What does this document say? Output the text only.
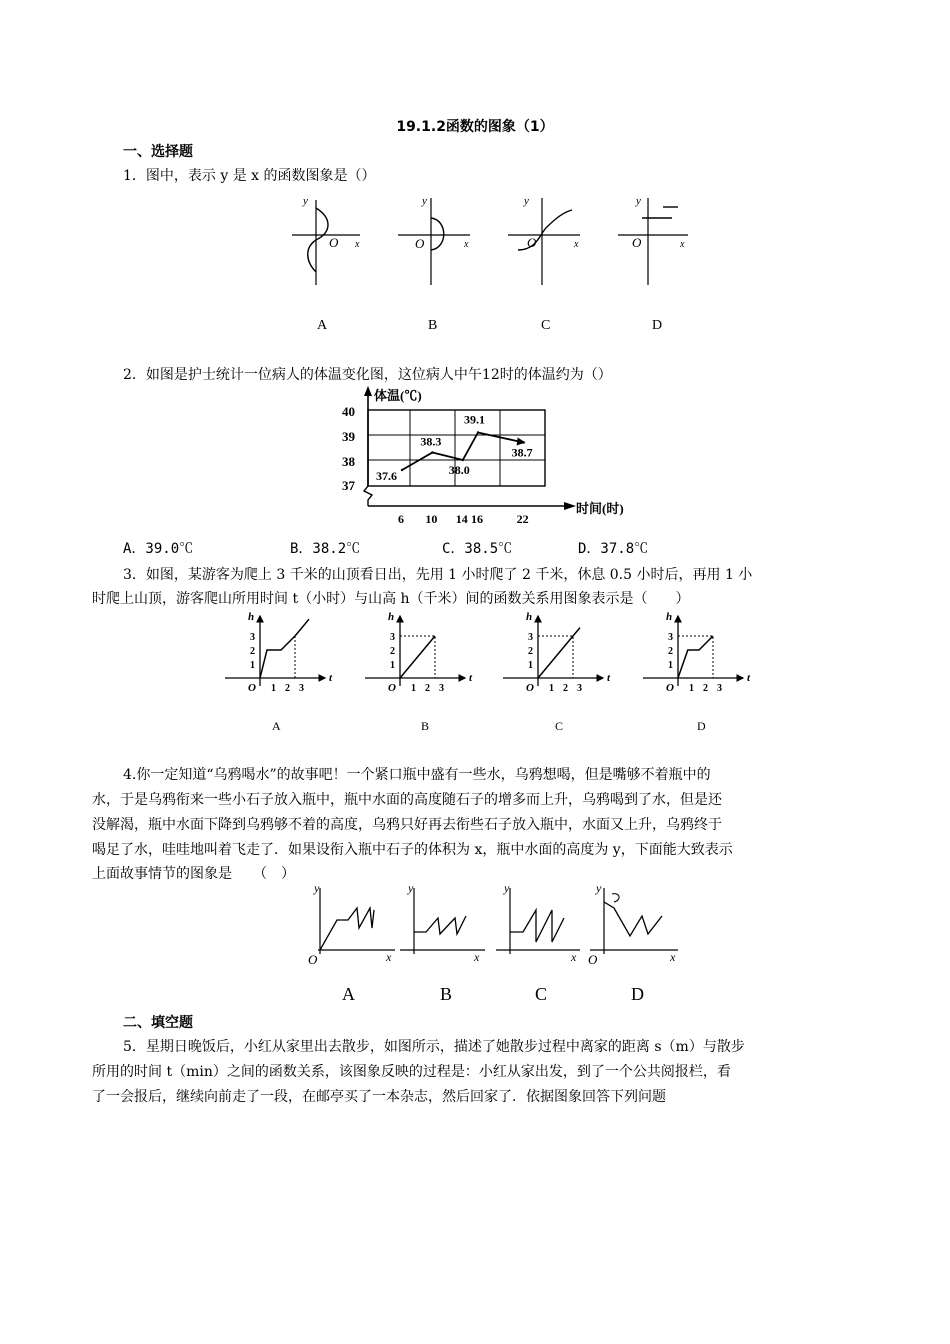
19.1.2函数的图象（1）
一、选择题
1．图中，表示 y 是 x 的函数图象是（）
y
O x
y
O	x
y
O	x
y
O	x
A	B	C	D
2．如图是护士统计一位病人的体温变化图，这位病人中午12时的体温约为（）
体温(℃)
时间(时)
40
39
38
37
6 10 14 16	22
37.6
38.3
38.0
39.1
38.7
A．39.0℃	B．38.2℃	C．38.5℃	D．37.8℃
3．如图，某游客为爬上 3 千米的山顶看日出，先用 1 小时爬了 2 千米，休息 0.5 小时后，再用 1 小
时爬上山顶，游客爬山所用时间 t（小时）与山高 h（千米）间的函数关系用图象表示是（　　）
h
t
O
3
2
1
1 2 3
h
t
O
3
2
1
1 2 3
h
t
O
3
2
1
1 2 3
h
t
O
3
2
1
1 2 3
A	B	C	D
4.你一定知道“乌鸦喝水”的故事吧！一个紧口瓶中盛有一些水，乌鸦想喝，但是嘴够不着瓶中的
水，于是乌鸦衔来一些小石子放入瓶中，瓶中水面的高度随石子的增多而上升，乌鸦喝到了水，但是还
没解渴，瓶中水面下降到乌鸦够不着的高度，乌鸦只好再去衔些石子放入瓶中，水面又上升，乌鸦终于
喝足了水，哇哇地叫着飞走了．如果设衔入瓶中石子的体积为 x，瓶中水面的高度为 y，下面能大致表示
上面故事情节的图象是　　（　）
y
O	x
y
x
y
x
y
O	x
A	B	C	D
二、填空题
5．星期日晚饭后，小红从家里出去散步，如图所示，描述了她散步过程中离家的距离 s（m）与散步
所用的时间 t（min）之间的函数关系，该图象反映的过程是：小红从家出发，到了一个公共阅报栏，看
了一会报后，继续向前走了一段，在邮亭买了一本杂志，然后回家了．依据图象回答下列问题
